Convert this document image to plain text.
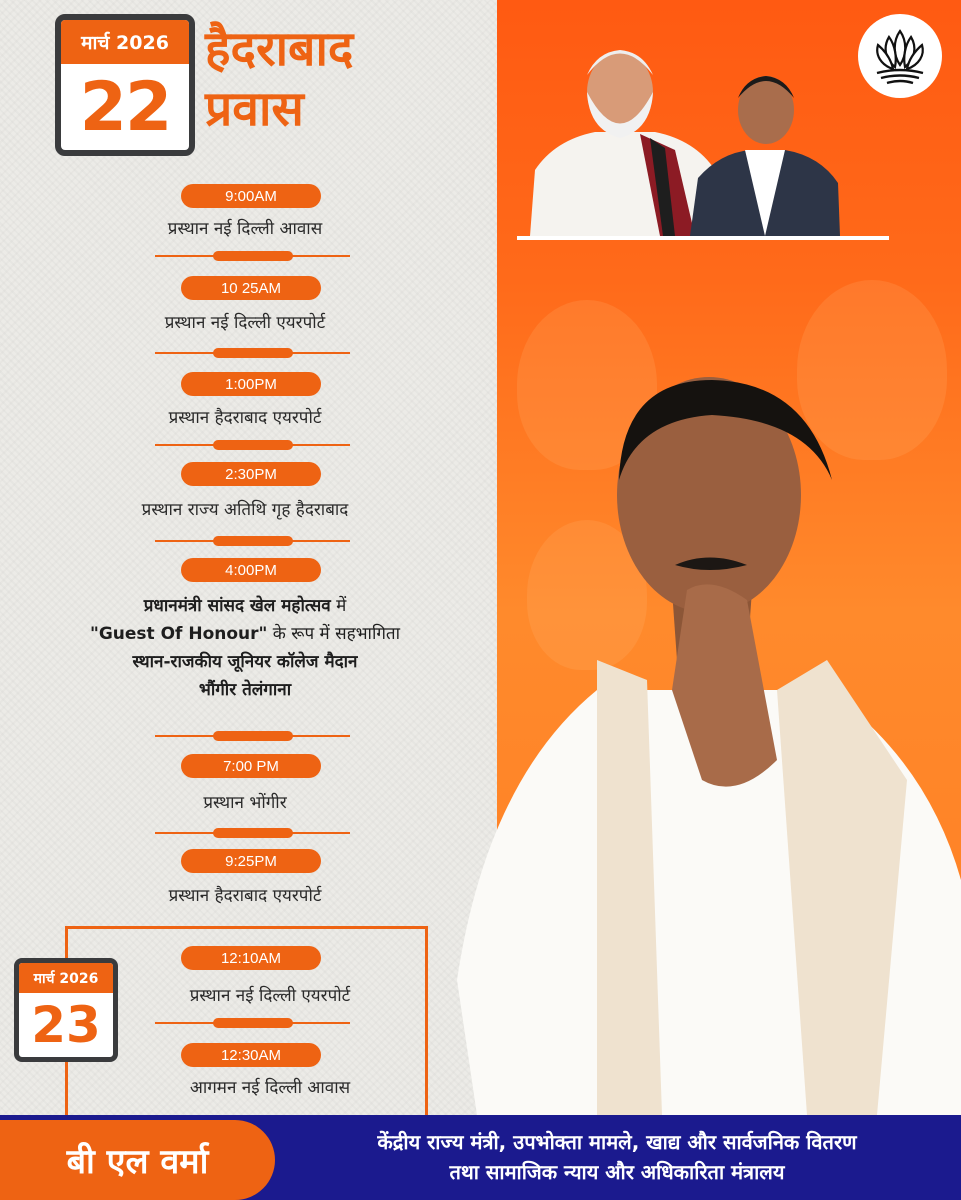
मार्च 2026
22
हैदराबाद
प्रवास
9:00AM
प्रस्थान नई दिल्ली आवास
10 25AM
प्रस्थान नई दिल्ली एयरपोर्ट
1:00PM
प्रस्थान हैदराबाद एयरपोर्ट
2:30PM
प्रस्थान राज्य अतिथि गृह हैदराबाद
4:00PM
प्रधानमंत्री सांसद खेल महोत्सव में
"Guest Of Honour" के रूप में सहभागिता
स्थान-राजकीय जूनियर कॉलेज मैदान
भौंगीर तेलंगाना
7:00 PM
प्रस्थान भोंगीर
9:25PM
प्रस्थान हैदराबाद एयरपोर्ट
मार्च 2026
23
12:10AM
प्रस्थान नई दिल्ली एयरपोर्ट
12:30AM
आगमन नई दिल्ली आवास
बी एल वर्मा	केंद्रीय राज्य मंत्री, उपभोक्ता मामले, खाद्य और सार्वजनिक वितरण
तथा सामाजिक न्याय और अधिकारिता मंत्रालय
